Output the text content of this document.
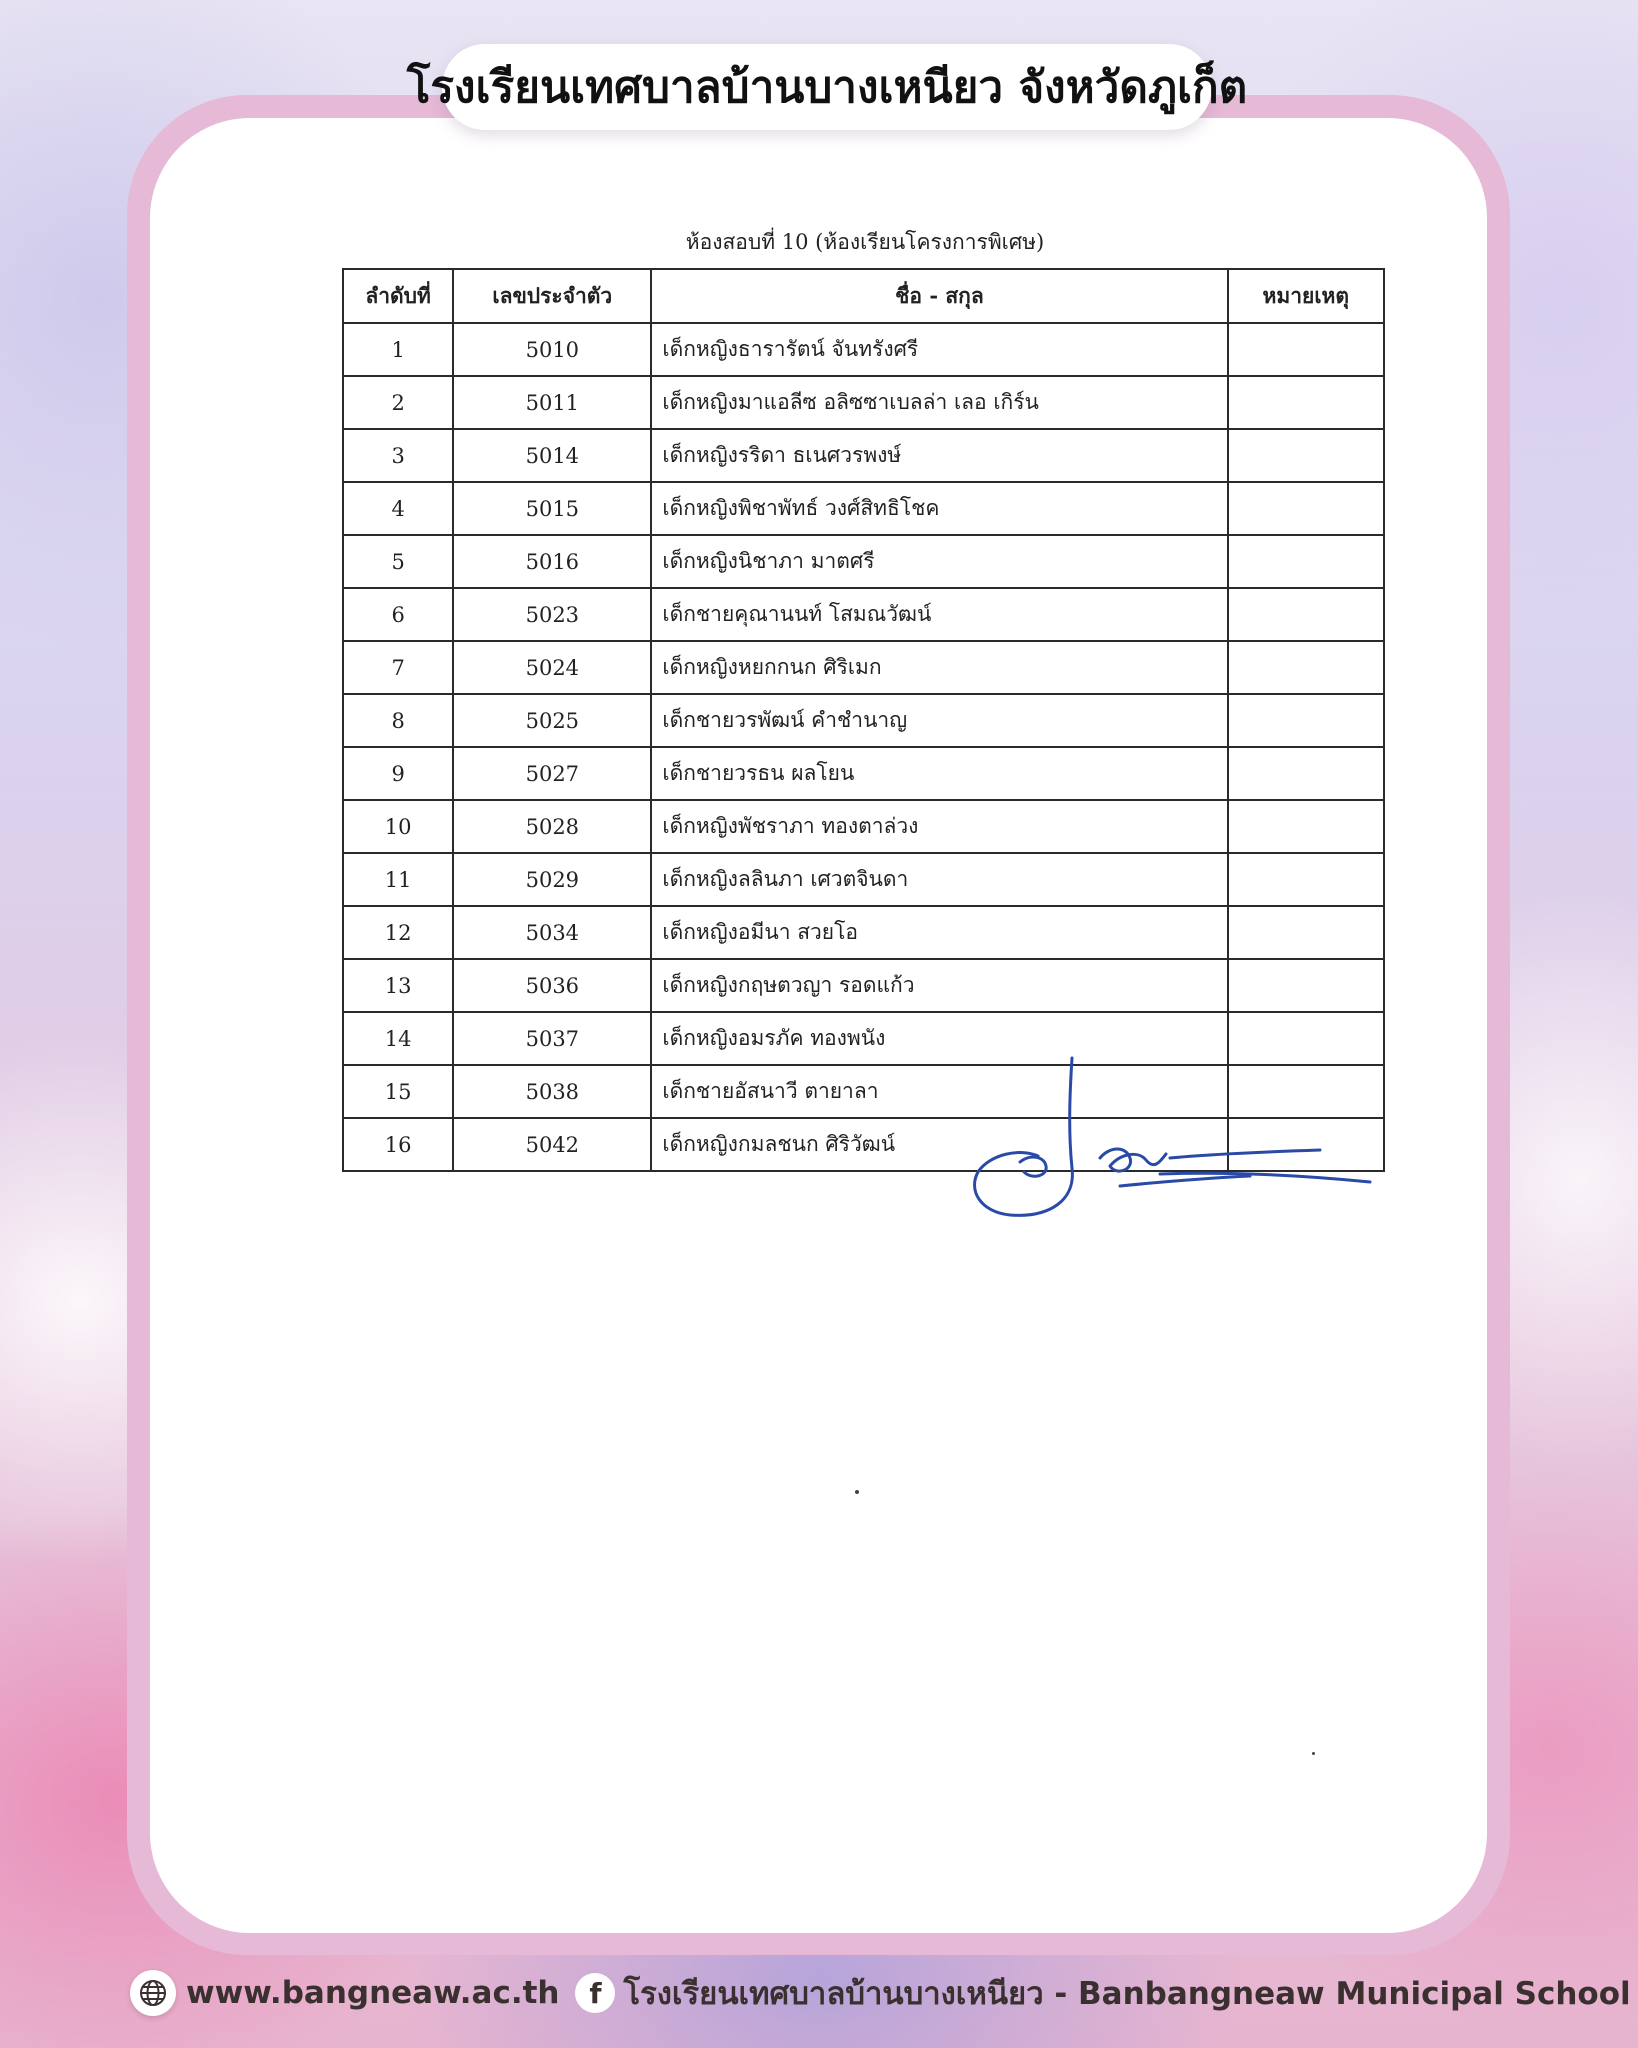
โรงเรียนเทศบาลบ้านบางเหนียว จังหวัดภูเก็ต
ห้องสอบที่ 10 (ห้องเรียนโครงการพิเศษ)
ลำดับที่	เลขประจำตัว	ชื่อ - สกุล	หมายเหตุ
1	5010	เด็กหญิงธารารัตน์ จันทรังศรี	
2	5011	เด็กหญิงมาแอลีซ อลิซซาเบลล่า เลอ เกิร์น	
3	5014	เด็กหญิงรริดา ธเนศวรพงษ์	
4	5015	เด็กหญิงพิชาพัทธ์ วงศ์สิทธิโชค	
5	5016	เด็กหญิงนิชาภา มาตศรี	
6	5023	เด็กชายคุณานนท์ โสมณวัฒน์	
7	5024	เด็กหญิงหยกกนก ศิริเมก	
8	5025	เด็กชายวรพัฒน์ คำชำนาญ	
9	5027	เด็กชายวรธน ผลโยน	
10	5028	เด็กหญิงพัชราภา ทองตาล่วง	
11	5029	เด็กหญิงลลินภา เศวตจินดา	
12	5034	เด็กหญิงอมีนา สวยโอ	
13	5036	เด็กหญิงกฤษตวญา รอดแก้ว	
14	5037	เด็กหญิงอมรภัค ทองพนัง	
15	5038	เด็กชายอัสนาวี ตายาลา	
16	5042	เด็กหญิงกมลชนก ศิริวัฒน์	
www.bangneaw.ac.th	f โรงเรียนเทศบาลบ้านบางเหนียว - Banbangneaw Municipal School
